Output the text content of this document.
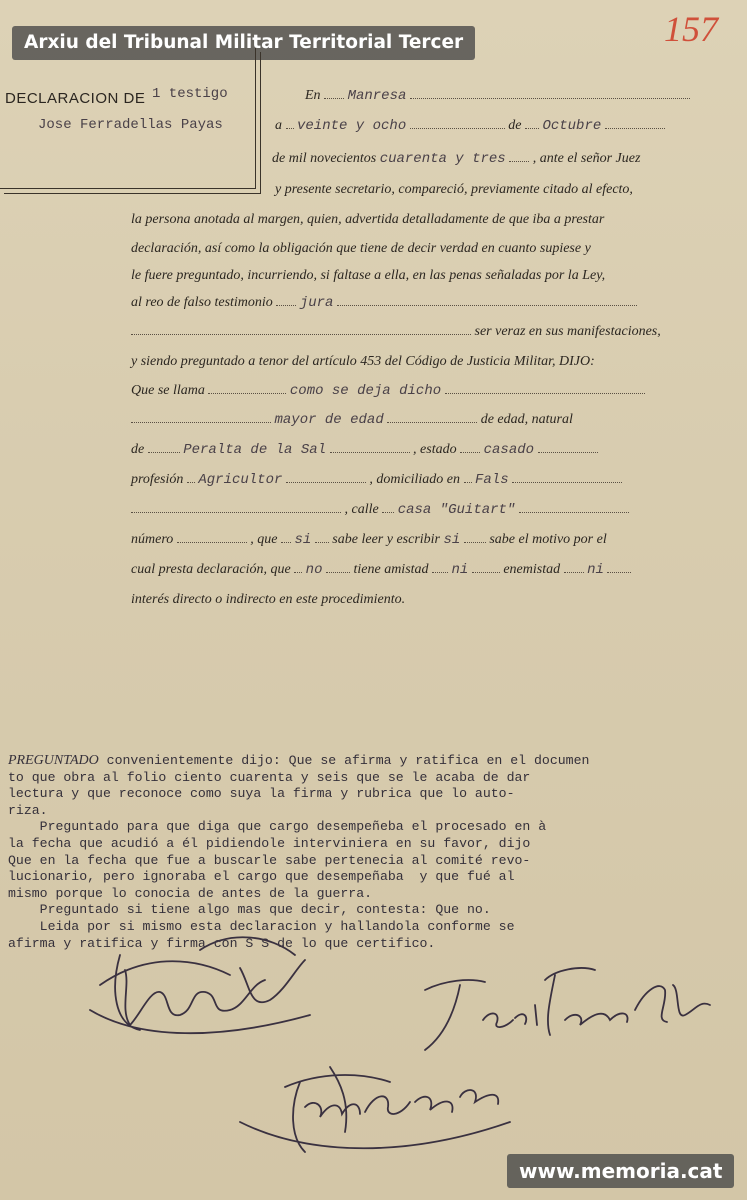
Arxiu del Tribunal Militar Territorial Tercer	157
DECLARACION DE 1 testigo
Jose Ferradellas Payas
En Manresa
a veinte y ocho	de Octubre
de mil novecientos cuarenta y tres , ante el señor Juez
y presente secretario, compareció, previamente citado al efecto,
la persona anotada al margen, quien, advertida detalladamente de que iba a prestar
declaración, así como la obligación que tiene de decir verdad en cuanto supiese y
le fuere preguntado, incurriendo, si faltase a ella, en las penas señaladas por la Ley,
al reo de falso testimonio jura
ser veraz en sus manifestaciones,
y siendo preguntado a tenor del artículo 453 del Código de Justicia Militar, DIJO:
Que se llama	como se deja dicho
mayor de edad	de edad, natural
de	Peralta de la Sal	, estado casado
profesión Agricultor	, domiciliado en Fals
, calle casa "Guitart"
número	, que si sabe leer y escribir si sabe el motivo por el
cual presta declaración, que no tiene amistad ni	enemistad ni
interés directo o indirecto en este procedimiento.
PREGUNTADO convenientemente dijo: Que se afirma y ratifica en el documen
to que obra al folio ciento cuarenta y seis que se le acaba de dar
lectura y que reconoce como suya la firma y rubrica que lo auto-
riza.
Preguntado para que diga que cargo desempeñeba el procesado en à
la fecha que acudió a él pidiendole interviniera en su favor, dijo
Que en la fecha que fue a buscarle sabe pertenecia al comité revo-
lucionario, pero ignoraba el cargo que desempeñaba  y que fué al
mismo porque lo conocia de antes de la guerra.
Preguntado si tiene algo mas que decir, contesta: Que no.
Leida por si mismo esta declaracion y hallandola conforme se
afirma y ratifica y firma con S S de lo que certifico.
www.memoria.cat
